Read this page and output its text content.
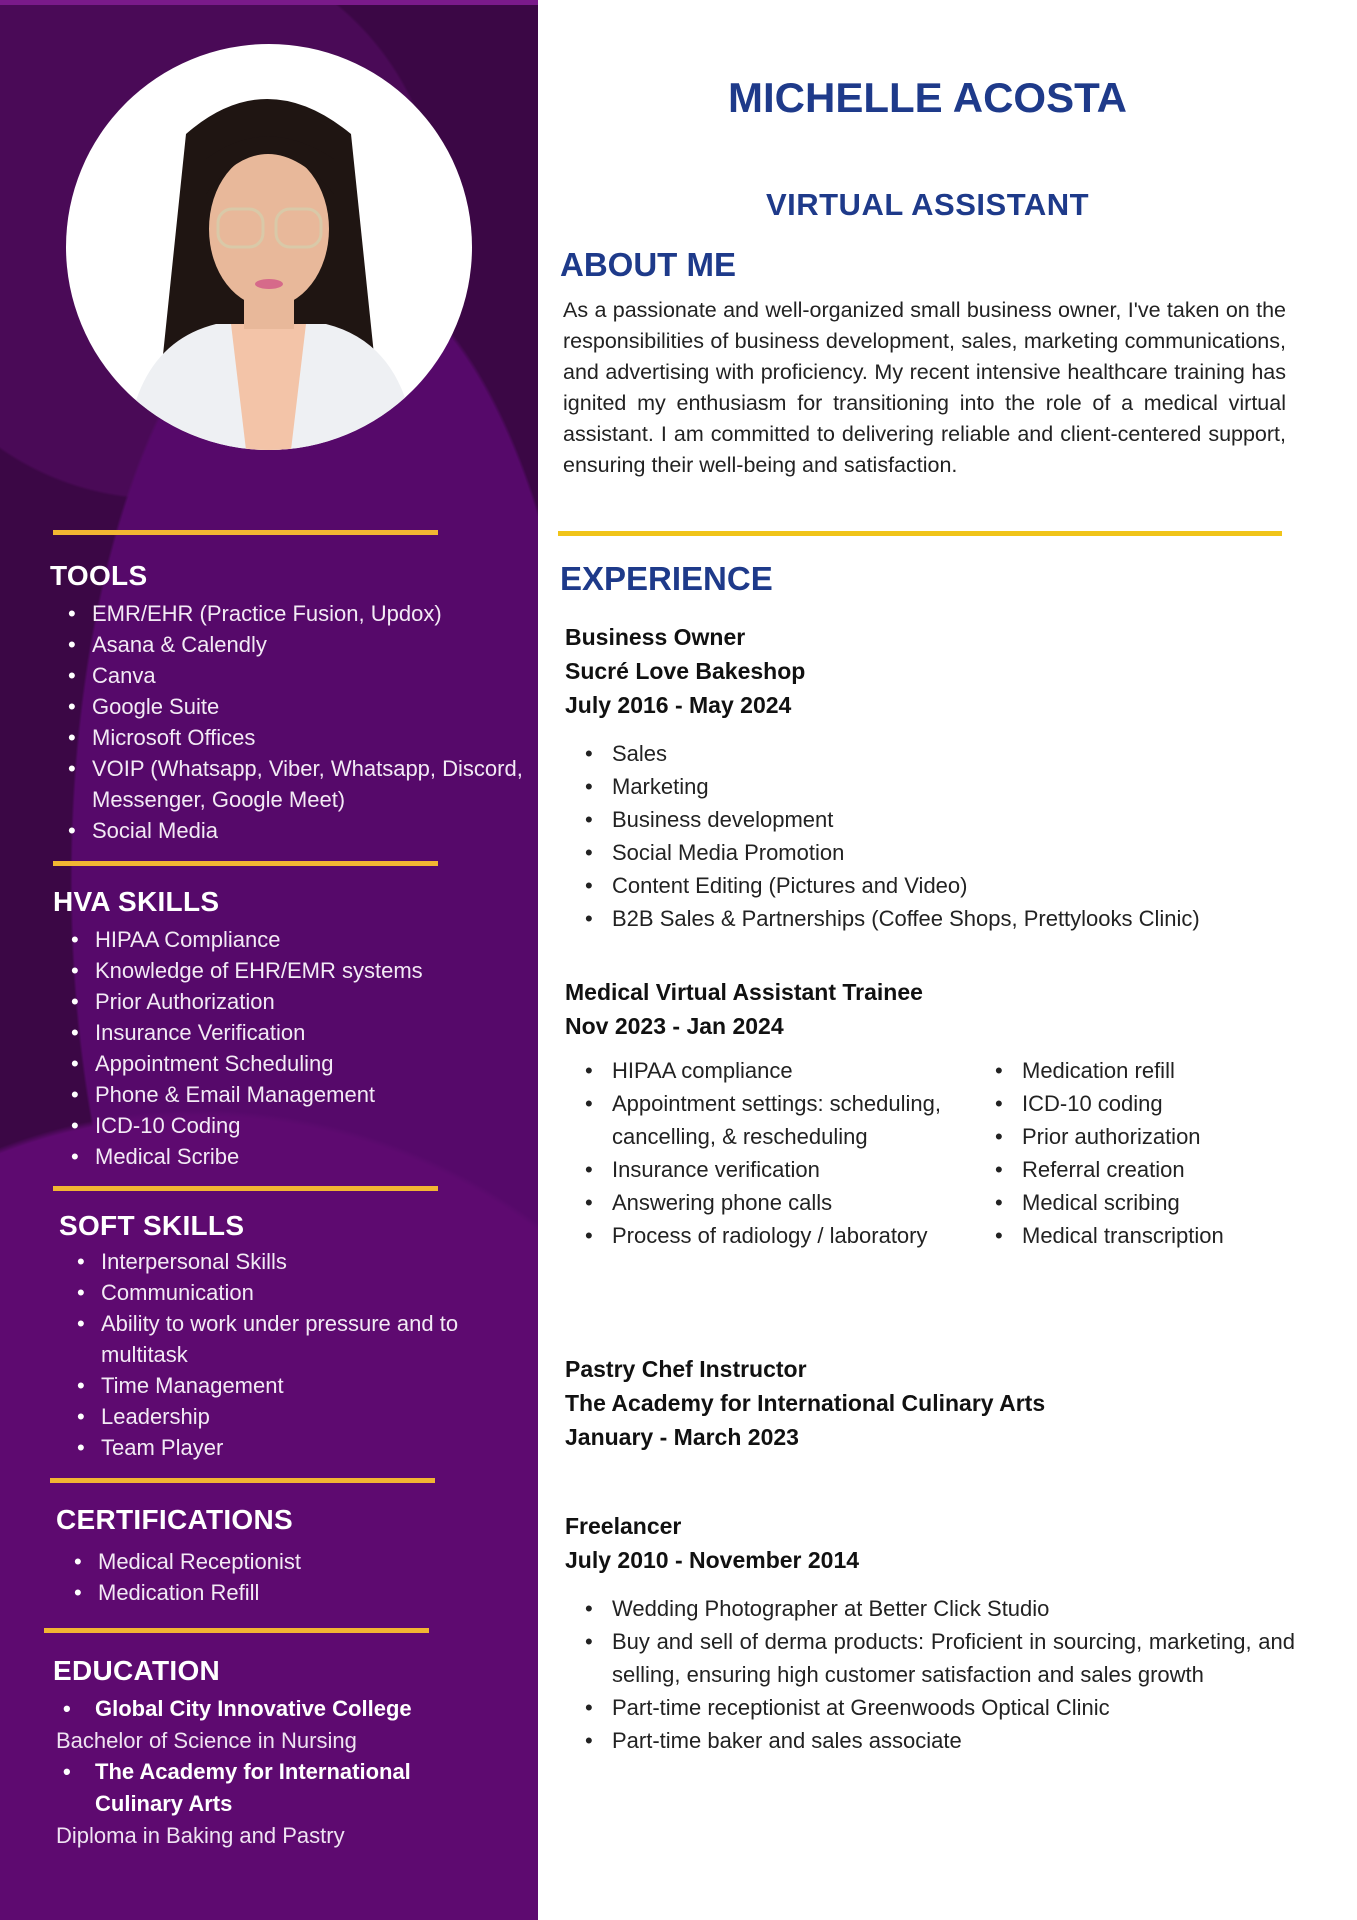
TOOLS
• EMR/EHR (Practice Fusion, Updox)
• Asana & Calendly
• Canva
• Google Suite
• Microsoft Offices
• VOIP (Whatsapp, Viber, Whatsapp, Discord, Messenger, Google Meet)
• Social Media
HVA SKILLS
• HIPAA Compliance
• Knowledge of EHR/EMR systems
• Prior Authorization
• Insurance Verification
• Appointment Scheduling
• Phone & Email Management
• ICD-10 Coding
• Medical Scribe
SOFT SKILLS
• Interpersonal Skills
• Communication
• Ability to work under pressure and to multitask
• Time Management
• Leadership
• Team Player
CERTIFICATIONS
• Medical Receptionist
• Medication Refill
EDUCATION
• Global City Innovative College
Bachelor of Science in Nursing
• The Academy for International Culinary Arts
Diploma in Baking and Pastry
MICHELLE ACOSTA
VIRTUAL ASSISTANT
ABOUT ME
As a passionate and well-organized small business owner, I've taken on the responsibilities of business development, sales, marketing communications, and advertising with proficiency. My recent intensive healthcare training has ignited my enthusiasm for transitioning into the role of a medical virtual assistant. I am committed to delivering reliable and client-centered support, ensuring their well-being and satisfaction.
EXPERIENCE
Business Owner
Sucré Love Bakeshop
July 2016 - May 2024
• Sales
• Marketing
• Business development
• Social Media Promotion
• Content Editing (Pictures and Video)
• B2B Sales & Partnerships (Coffee Shops, Prettylooks Clinic)
Medical Virtual Assistant Trainee
Nov 2023 - Jan 2024
• HIPAA compliance
• Appointment settings: scheduling, cancelling, & rescheduling
• Insurance verification
• Answering phone calls
• Process of radiology / laboratory
• Medication refill
• ICD-10 coding
• Prior authorization
• Referral creation
• Medical scribing
• Medical transcription
Pastry Chef Instructor
The Academy for International Culinary Arts
January - March 2023
Freelancer
July 2010 - November 2014
• Wedding Photographer at Better Click Studio
• Buy and sell of derma products: Proficient in sourcing, marketing, and selling, ensuring high customer satisfaction and sales growth
• Part-time receptionist at Greenwoods Optical Clinic
• Part-time baker and sales associate
